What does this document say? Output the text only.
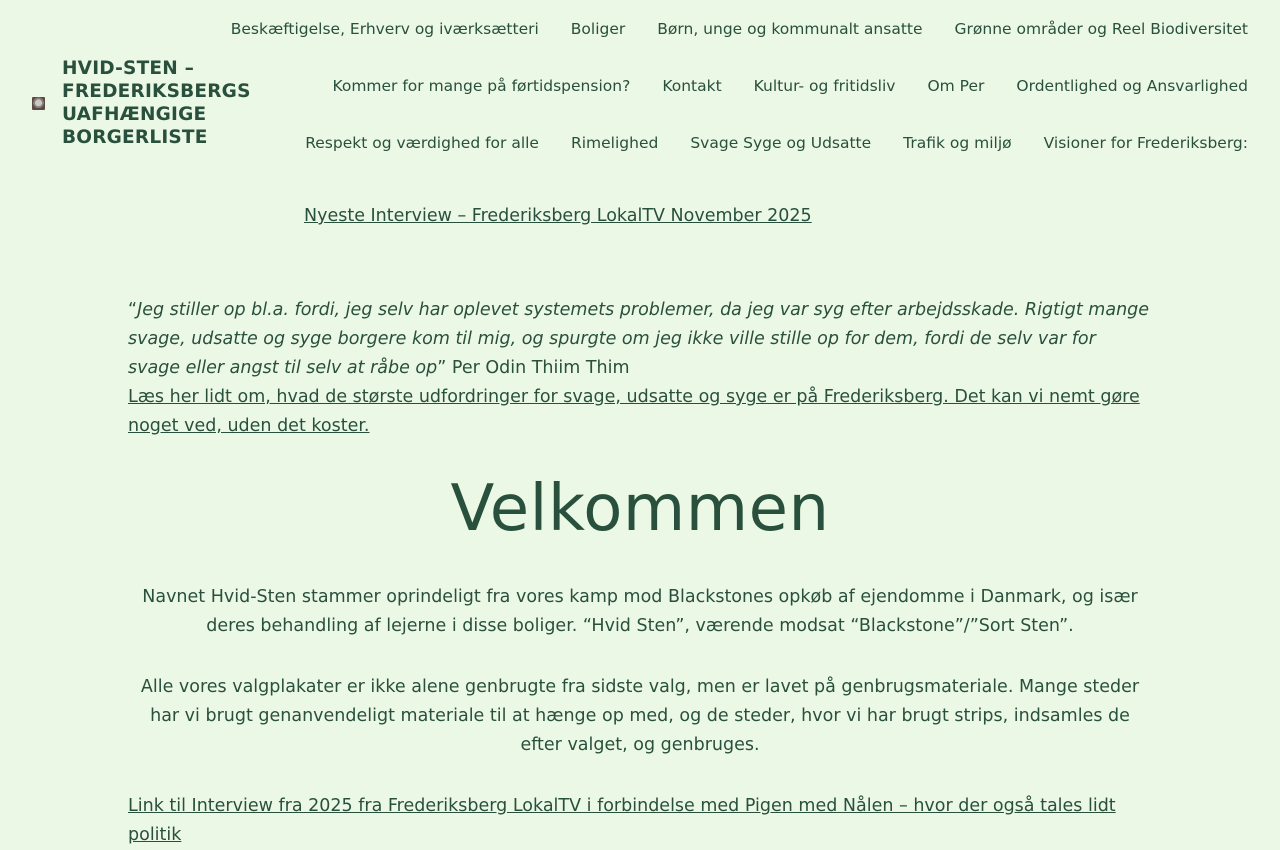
HVID-STEN – FREDERIKSBERGS UAFHÆNGIGE BORGERLISTE
Beskæftigelse, Erhverv og iværksætteri Boliger Børn, unge og kommunalt ansatte Grønne områder og Reel Biodiversitet
Kommer for mange på førtidspension? Kontakt Kultur- og fritidsliv Om Per Ordentlighed og Ansvarlighed
Respekt og værdighed for alle Rimelighed Svage Syge og Udsatte Trafik og miljø Visioner for Frederiksberg:
Nyeste Interview – Frederiksberg LokalTV November 2025

“Jeg stiller op bl.a. fordi, jeg selv har oplevet systemets problemer, da jeg var syg efter arbejdsskade. Rigtigt mange svage, udsatte og syge borgere kom til mig, og spurgte om jeg ikke ville stille op for dem, fordi de selv var for svage eller angst til selv at råbe op” Per Odin Thiim Thim
Læs her lidt om, hvad de største udfordringer for svage, udsatte og syge er på Frederiksberg. Det kan vi nemt gøre noget ved, uden det koster.

Velkommen

Navnet Hvid-Sten stammer oprindeligt fra vores kamp mod Blackstones opkøb af ejendomme i Danmark, og især deres behandling af lejerne i disse boliger. “Hvid Sten”, værende modsat “Blackstone”/”Sort Sten”.

Alle vores valgplakater er ikke alene genbrugte fra sidste valg, men er lavet på genbrugsmateriale. Mange steder har vi brugt genanvendeligt materiale til at hænge op med, og de steder, hvor vi har brugt strips, indsamles de efter valget, og genbruges.

Link til Interview fra 2025 fra Frederiksberg LokalTV i forbindelse med Pigen med Nålen – hvor der også tales lidt politik
